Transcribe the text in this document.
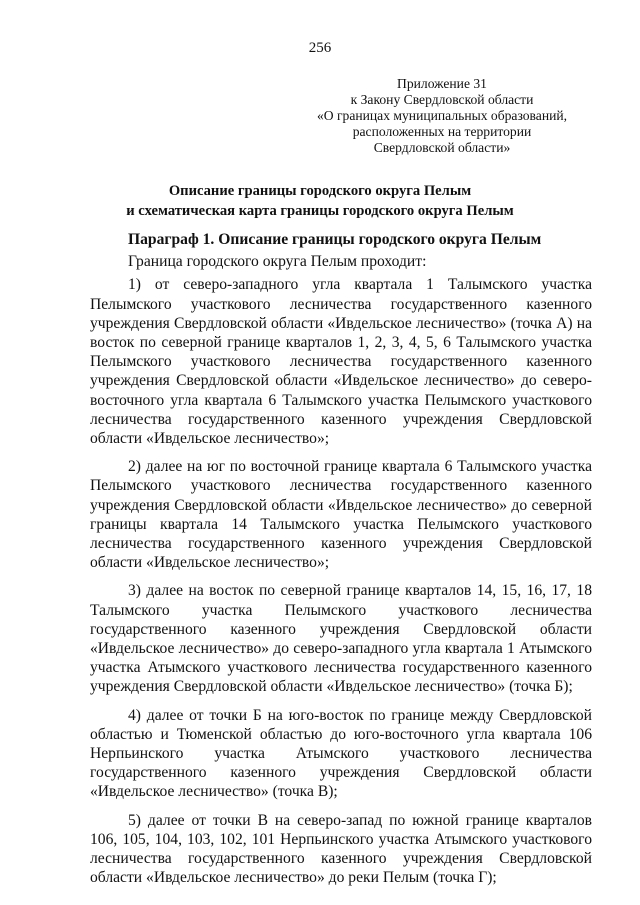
256
Приложение 31
к Закону Свердловской области
«О границах муниципальных образований,
расположенных на территории
Свердловской области»
Описание границы городского округа Пелым
и схематическая карта границы городского округа Пелым

Параграф 1. Описание границы городского округа Пелым

Граница городского округа Пелым проходит:

1) от северо-западного угла квартала 1 Талымского участка Пелымского участкового лесничества государственного казенного учреждения Свердловской области «Ивдельское лесничество» (точка А) на восток по северной границе кварталов 1, 2, 3, 4, 5, 6 Талымского участка Пелымского участкового лесничества государственного казенного учреждения Свердловской области «Ивдельское лесничество» до северо-восточного угла квартала 6 Талымского участка Пелымского участкового лесничества государственного казенного учреждения Свердловской области «Ивдельское лесничество»;

2) далее на юг по восточной границе квартала 6 Талымского участка Пелымского участкового лесничества государственного казенного учреждения Свердловской области «Ивдельское лесничество» до северной границы квартала 14 Талымского участка Пелымского участкового лесничества государственного казенного учреждения Свердловской области «Ивдельское лесничество»;

3) далее на восток по северной границе кварталов 14, 15, 16, 17, 18 Талымского участка Пелымского участкового лесничества государственного казенного учреждения Свердловской области «Ивдельское лесничество» до северо-западного угла квартала 1 Атымского участка Атымского участкового лесничества государственного казенного учреждения Свердловской области «Ивдельское лесничество» (точка Б);

4) далее от точки Б на юго-восток по границе между Свердловской областью и Тюменской областью до юго-восточного угла квартала 106 Нерпьинского участка Атымского участкового лесничества государственного казенного учреждения Свердловской области «Ивдельское лесничество» (точка В);

5) далее от точки В на северо-запад по южной границе кварталов 106, 105, 104, 103, 102, 101 Нерпьинского участка Атымского участкового лесничества государственного казенного учреждения Свердловской области «Ивдельское лесничество» до реки Пелым (точка Г);
